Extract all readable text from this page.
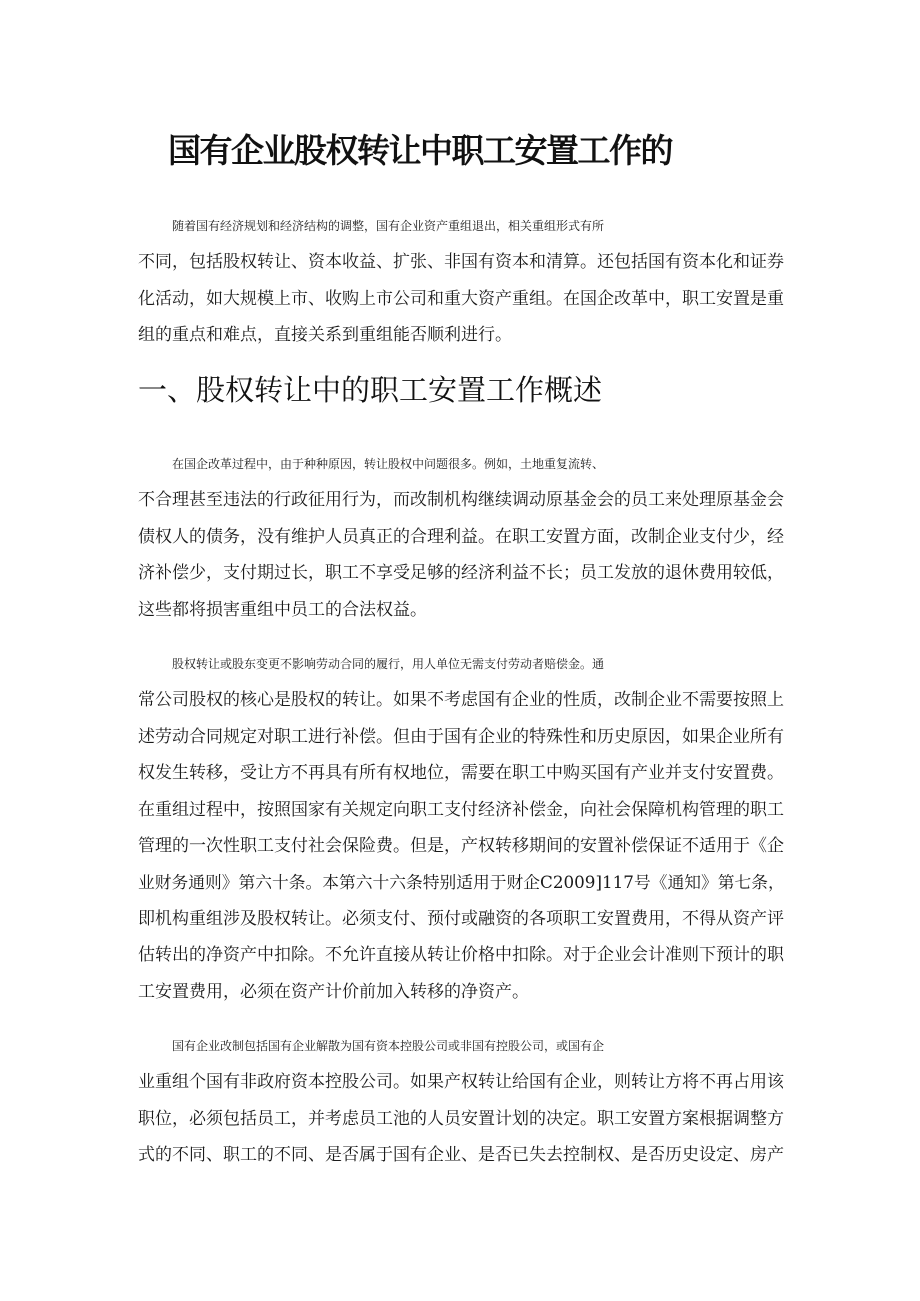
国有企业股权转让中职工安置工作的

随着国有经济规划和经济结构的调整，国有企业资产重组退出，相关重组形式有所
不同，包括股权转让、资本收益、扩张、非国有资本和清算。还包括国有资本化和证券
化活动，如大规模上市、收购上市公司和重大资产重组。在国企改革中，职工安置是重
组的重点和难点，直接关系到重组能否顺利进行。

一、股权转让中的职工安置工作概述

在国企改革过程中，由于种种原因，转让股权中问题很多。例如，土地重复流转、
不合理甚至违法的行政征用行为，而改制机构继续调动原基金会的员工来处理原基金会
债权人的债务，没有维护人员真正的合理利益。在职工安置方面，改制企业支付少，经
济补偿少，支付期过长，职工不享受足够的经济利益不长；员工发放的退休费用较低，
这些都将损害重组中员工的合法权益。

股权转让或股东变更不影响劳动合同的履行，用人单位无需支付劳动者赔偿金。通
常公司股权的核心是股权的转让。如果不考虑国有企业的性质，改制企业不需要按照上
述劳动合同规定对职工进行补偿。但由于国有企业的特殊性和历史原因，如果企业所有
权发生转移，受让方不再具有所有权地位，需要在职工中购买国有产业并支付安置费。
在重组过程中，按照国家有关规定向职工支付经济补偿金，向社会保障机构管理的职工
管理的一次性职工支付社会保险费。但是，产权转移期间的安置补偿保证不适用于《企
业财务通则》第六十条。本第六十六条特别适用于财企C2009]117号《通知》第七条，
即机构重组涉及股权转让。必须支付、预付或融资的各项职工安置费用，不得从资产评
估转出的净资产中扣除。不允许直接从转让价格中扣除。对于企业会计准则下预计的职
工安置费用，必须在资产计价前加入转移的净资产。

国有企业改制包括国有企业解散为国有资本控股公司或非国有控股公司，或国有企
业重组个国有非政府资本控股公司。如果产权转让给国有企业，则转让方将不再占用该
职位，必须包括员工，并考虑员工池的人员安置计划的决定。职工安置方案根据调整方
式的不同、职工的不同、是否属于国有企业、是否已失去控制权、是否历史设定、房产
